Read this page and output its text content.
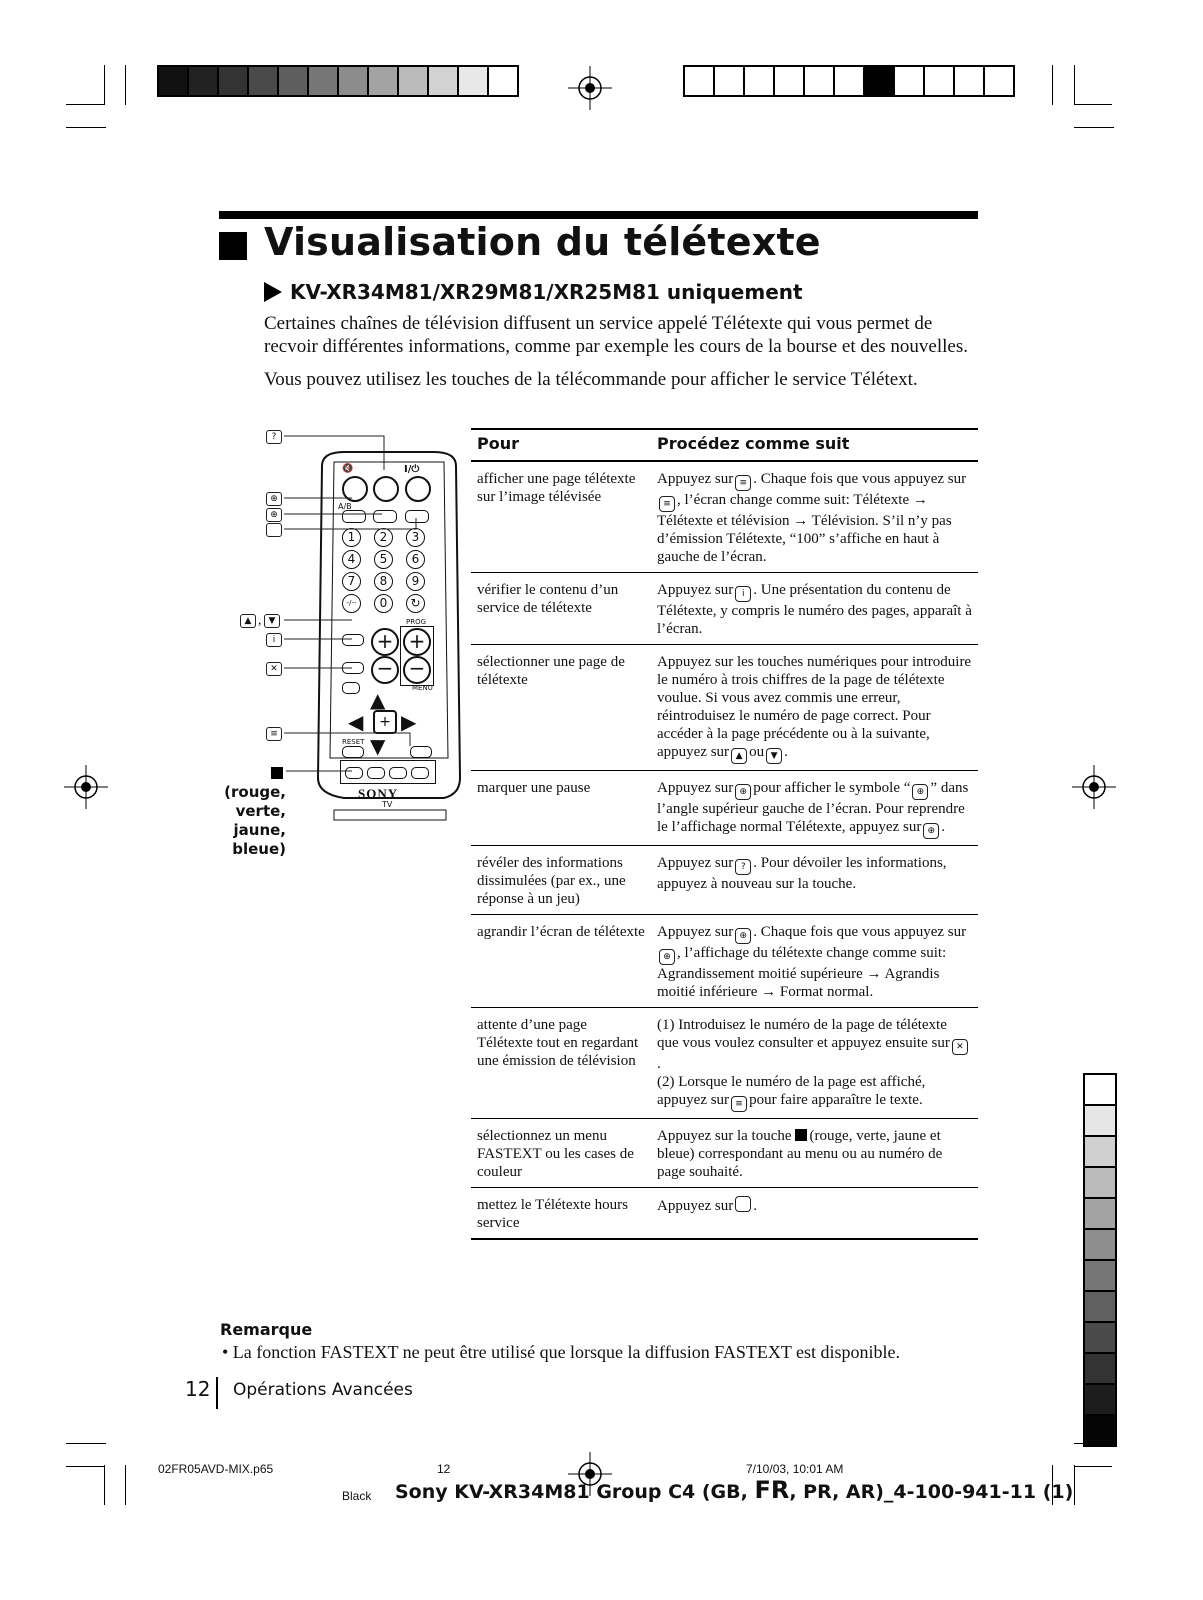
Visualisation du télétexte
KV-XR34M81/XR29M81/XR25M81 uniquement

Certaines chaînes de télévision diffusent un service appelé Télétexte qui vous permet de recvoir différentes informations, comme par exemple les cours de la bourse et des nouvelles.

Vous pouvez utilisez les touches de la télécommande pour afficher le service Télétext.

🔇	I/⏻
A/B
1	2	3
4	5	6
7	8	9
-/--	0	↻
PROG
+
−
+
−
MENU
▲
◀	+ ▶
RESET ▼
SONY
TV
?
⊕
⊕
▲ , ▼
i
✕
≡
(rouge,
verte,
jaune,
bleue)
Pour	Procédez comme suit
afficher une page télétexte sur l’image télévisée	Appuyez sur ≡ . Chaque fois que vous appuyez sur≡ , l’écran change comme suit: Télétexte → Télétexte et télévision → Télévision. S’il n’y pas d’émission Télétexte, “100” s’affiche en haut à gauche de l’écran.
vérifier le contenu d’un service de télétexte	Appuyez sur i . Une présentation du contenu de Télétexte, y compris le numéro des pages, apparaît à l’écran.
sélectionner une page de télétexte	Appuyez sur les touches numériques pour introduire le numéro à trois chiffres de la page de télétexte voulue. Si vous avez commis une erreur, réintroduisez le numéro de page correct. Pour accéder à la page précédente ou à la suivante, appuyez sur ▲ ou ▼ .
marquer une pause	Appuyez sur ⊕ pour afficher le symbole “ ⊕ ” dans l’angle supérieur gauche de l’écran. Pour reprendre le l’affichage normal Télétexte, appuyez sur ⊕ .
révéler des informations dissimulées (par ex., une réponse à un jeu)	Appuyez sur ? . Pour dévoiler les informations, appuyez à nouveau sur la touche.
agrandir l’écran de télétexte	Appuyez sur ⊕ . Chaque fois que vous appuyez sur⊕ , l’affichage du télétexte change comme suit: Agrandissement moitié supérieure → Agrandis moitié inférieure → Format normal.
attente d’une page Télétexte tout en regardant une émission de télévision	(1) Introduisez le numéro de la page de télétexte que vous voulez consulter et appuyez ensuite sur ✕.
(2) Lorsque le numéro de la page est affiché, appuyez sur ≡ pour faire apparaître le texte.

sélectionnez un menu FASTEXT ou les cases de couleur	Appuyez sur la touche (rouge, verte, jaune et bleue) correspondant au menu ou au numéro de page souhaité.
mettez le Télétexte hours service	Appuyez sur .
Remarque
• La fonction FASTEXT ne peut être utilisé que lorsque la diffusion FASTEXT est disponible.
12 Opérations Avancées
02FR05AVD-MIX.p65	12	7/10/03, 10:01 AM
Black Sony KV-XR34M81 Group C4 (GB, FR, PR, AR)_4-100-941-11 (1)
